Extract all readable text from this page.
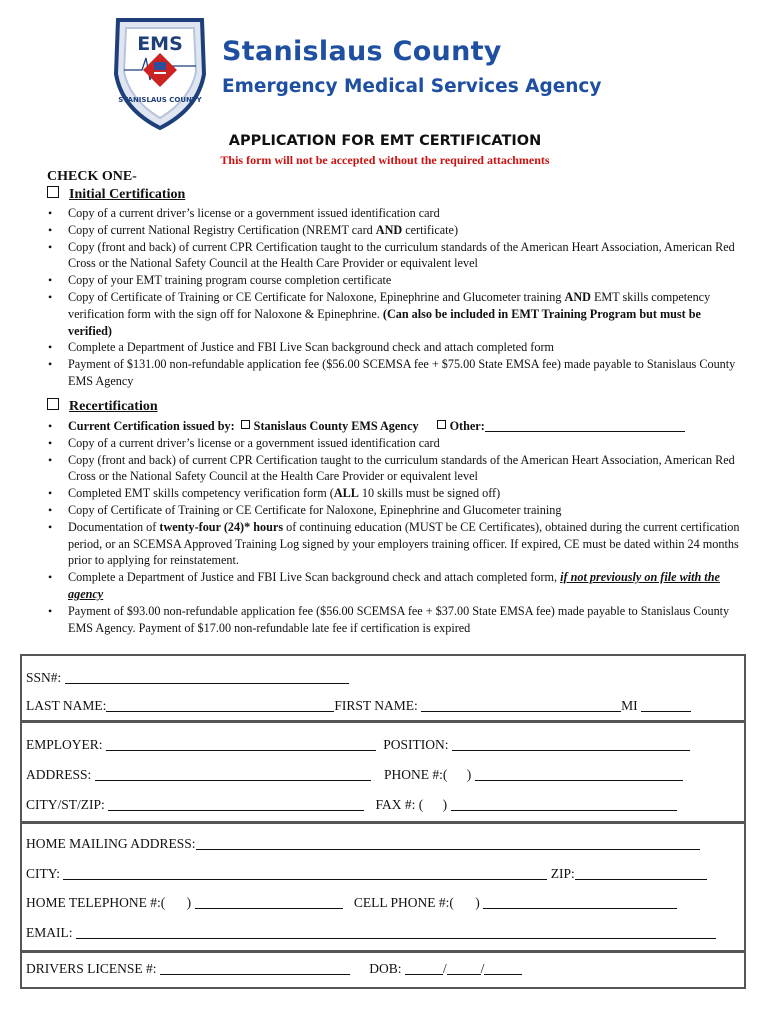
EMS
STANISLAUS COUNTY
Stanislaus County
Emergency Medical Services Agency
APPLICATION FOR EMT CERTIFICATION
This form will not be accepted without the required attachments
CHECK ONE-
Initial Certification
• Copy of a current driver’s license or a government issued identification card
• Copy of current National Registry Certification (NREMT card AND certificate)
• Copy (front and back) of current CPR Certification taught to the curriculum standards of the American Heart Association, American Red Cross or the National Safety Council at the Health Care Provider or equivalent level
• Copy of your EMT training program course completion certificate
• Copy of Certificate of Training or CE Certificate for Naloxone, Epinephrine and Glucometer training AND EMT skills competency verification form with the sign off for Naloxone & Epinephrine. (Can also be included in EMT Training Program but must be verified)
• Complete a Department of Justice and FBI Live Scan background check and attach completed form
• Payment of $131.00 non-refundable application fee ($56.00 SCEMSA fee + $75.00 State EMSA fee) made payable to Stanislaus County EMS Agency
Recertification
• Current Certification issued by: Stanislaus County EMS Agency	Other:
• Copy of a current driver’s license or a government issued identification card
• Copy (front and back) of current CPR Certification taught to the curriculum standards of the American Heart Association, American Red Cross or the National Safety Council at the Health Care Provider or equivalent level
• Completed EMT skills competency verification form (ALL 10 skills must be signed off)
• Copy of Certificate of Training or CE Certificate for Naloxone, Epinephrine and Glucometer training
• Documentation of twenty-four (24)* hours of continuing education (MUST be CE Certificates), obtained during the current certification period, or an SCEMSA Approved Training Log signed by your employers training officer. If expired, CE must be dated within 24 months prior to applying for reinstatement.
• Complete a Department of Justice and FBI Live Scan background check and attach completed form, if not previously on file with the agency
• Payment of $93.00 non-refundable application fee ($56.00 SCEMSA fee + $37.00 State EMSA fee) made payable to Stanislaus County EMS Agency. Payment of $17.00 non-refundable late fee if certification is expired
SSN#:
LAST NAME:	FIRST NAME:	MI
EMPLOYER:	POSITION:
ADDRESS:	PHONE #:( )
CITY/ST/ZIP:	FAX #: ( )
HOME MAILING ADDRESS:
CITY:	ZIP:
HOME TELEPHONE #:( )	CELL PHONE #:( )
EMAIL:
DRIVERS LICENSE #:	DOB:	/	/
